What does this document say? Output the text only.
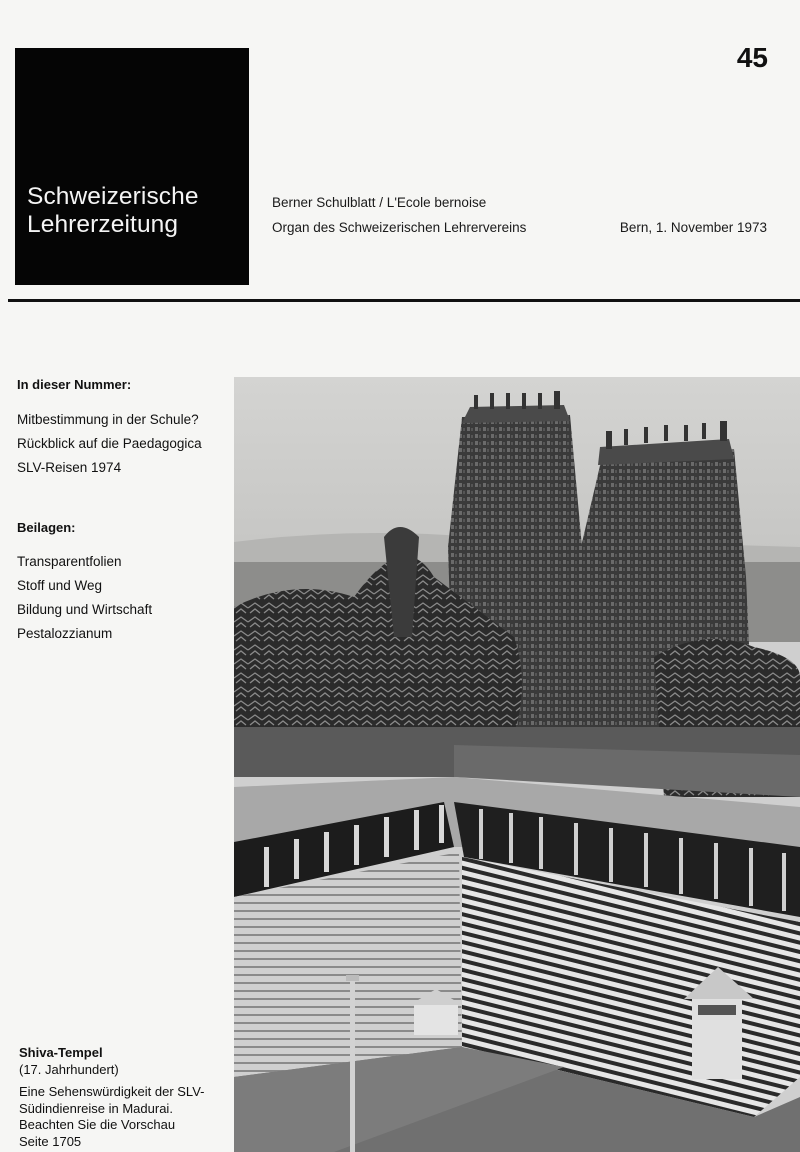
Schweizerische
Lehrerzeitung
45
Berner Schulblatt / L'Ecole bernoise
Organ des Schweizerischen Lehrervereins	Bern, 1. November 1973
In dieser Nummer:
Mitbestimmung in der Schule?
Rückblick auf die Paedagogica
SLV-Reisen 1974
Beilagen:
Transparentfolien
Stoff und Weg
Bildung und Wirtschaft
Pestalozzianum
Shiva-Tempel
(17. Jahrhundert)
Eine Sehenswürdigkeit der SLV-
Südindienreise in Madurai.
Beachten Sie die Vorschau
Seite 1705
